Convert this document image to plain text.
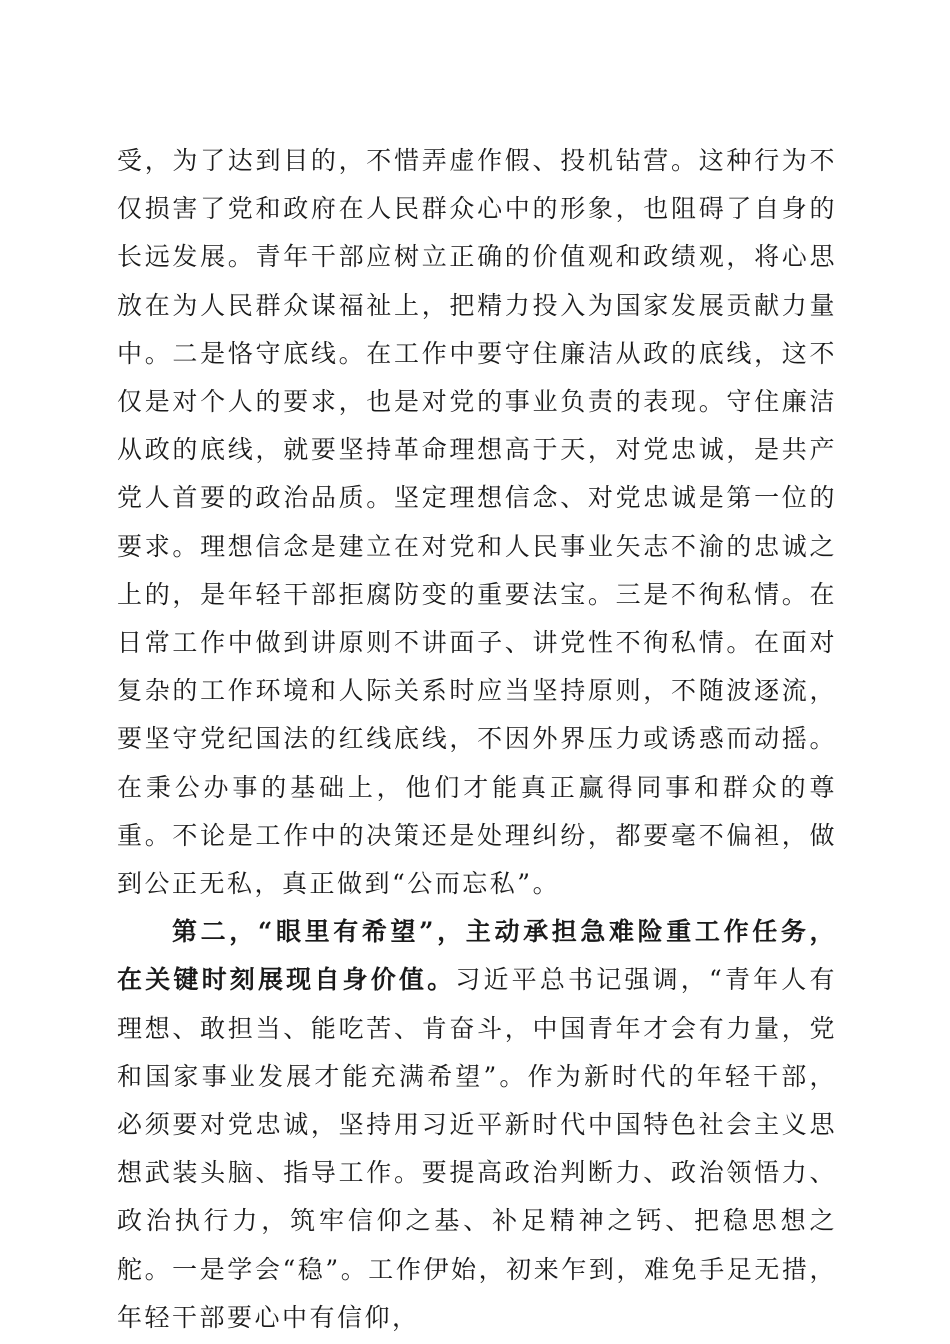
受，为了达到目的，不惜弄虚作假、投机钻营。这种行为不仅损害了党和政府在人民群众心中的形象，也阻碍了自身的长远发展。青年干部应树立正确的价值观和政绩观，将心思放在为人民群众谋福祉上，把精力投入为国家发展贡献力量中。二是恪守底线。在工作中要守住廉洁从政的底线，这不仅是对个人的要求，也是对党的事业负责的表现。守住廉洁从政的底线，就要坚持革命理想高于天，对党忠诚，是共产党人首要的政治品质。坚定理想信念、对党忠诚是第一位的要求。理想信念是建立在对党和人民事业矢志不渝的忠诚之上的，是年轻干部拒腐防变的重要法宝。三是不徇私情。在日常工作中做到讲原则不讲面子、讲党性不徇私情。在面对复杂的工作环境和人际关系时应当坚持原则，不随波逐流，要坚守党纪国法的红线底线，不因外界压力或诱惑而动摇。在秉公办事的基础上，他们才能真正赢得同事和群众的尊重。不论是工作中的决策还是处理纠纷，都要毫不偏袒，做到公正无私，真正做到“公而忘私”。

第二，“眼里有希望”，主动承担急难险重工作任务，在关键时刻展现自身价值。习近平总书记强调，“青年人有理想、敢担当、能吃苦、肯奋斗，中国青年才会有力量，党和国家事业发展才能充满希望”。作为新时代的年轻干部，必须要对党忠诚，坚持用习近平新时代中国特色社会主义思想武装头脑、指导工作。要提高政治判断力、政治领悟力、政治执行力，筑牢信仰之基、补足精神之钙、把稳思想之舵。一是学会“稳”。工作伊始，初来乍到，难免手足无措，年轻干部要心中有信仰，
